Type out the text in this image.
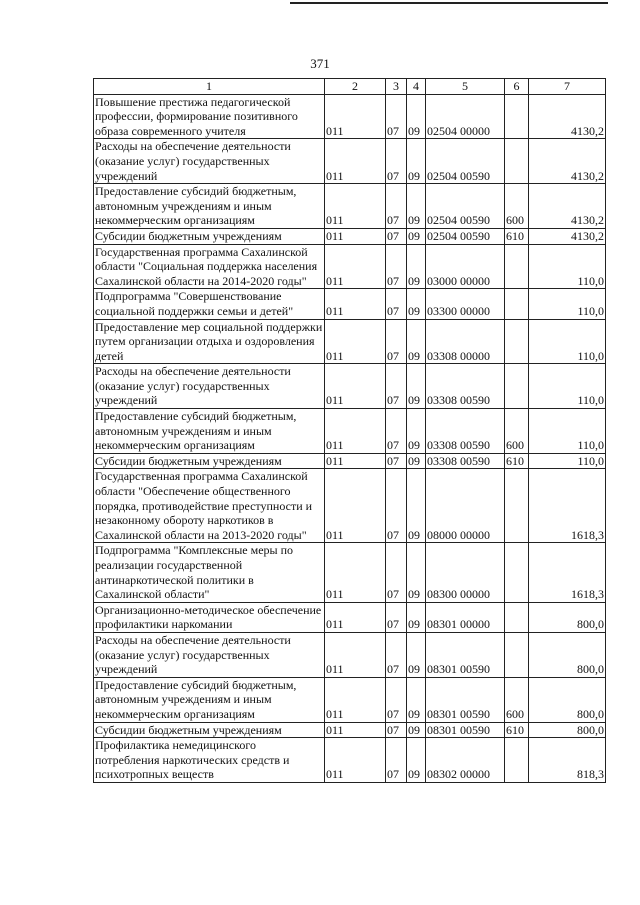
371
1	2	3	4	5	6	7
Повышение престижа педагогической профессии, формирование позитивного образа современного учителя	011	07	09	02504 00000		4130,2
Расходы на обеспечение деятельности (оказание услуг) государственных учреждений	011	07	09	02504 00590		4130,2
Предоставление субсидий бюджетным, автономным учреждениям и иным некоммерческим организациям	011	07	09	02504 00590	600	4130,2
Субсидии бюджетным учреждениям	011	07	09	02504 00590	610	4130,2
Государственная программа Сахалинской области "Социальная поддержка населения Сахалинской области на 2014-2020 годы"	011	07	09	03000 00000		110,0
Подпрограмма "Совершенствование социальной поддержки семьи и детей"	011	07	09	03300 00000		110,0
Предоставление мер социальной поддержки путем организации отдыха и оздоровления детей	011	07	09	03308 00000		110,0
Расходы на обеспечение деятельности (оказание услуг) государственных учреждений	011	07	09	03308 00590		110,0
Предоставление субсидий бюджетным, автономным учреждениям и иным некоммерческим организациям	011	07	09	03308 00590	600	110,0
Субсидии бюджетным учреждениям	011	07	09	03308 00590	610	110,0
Государственная программа Сахалинской области "Обеспечение общественного порядка, противодействие преступности и незаконному обороту наркотиков в Сахалинской области на 2013-2020 годы"	011	07	09	08000 00000		1618,3
Подпрограмма "Комплексные меры по реализации государственной антинаркотической политики в Сахалинской области"	011	07	09	08300 00000		1618,3
Организационно-методическое обеспечение профилактики наркомании	011	07	09	08301 00000		800,0
Расходы на обеспечение деятельности (оказание услуг) государственных учреждений	011	07	09	08301 00590		800,0
Предоставление субсидий бюджетным, автономным учреждениям и иным некоммерческим организациям	011	07	09	08301 00590	600	800,0
Субсидии бюджетным учреждениям	011	07	09	08301 00590	610	800,0
Профилактика немедицинского потребления наркотических средств и психотропных веществ	011	07	09	08302 00000		818,3
